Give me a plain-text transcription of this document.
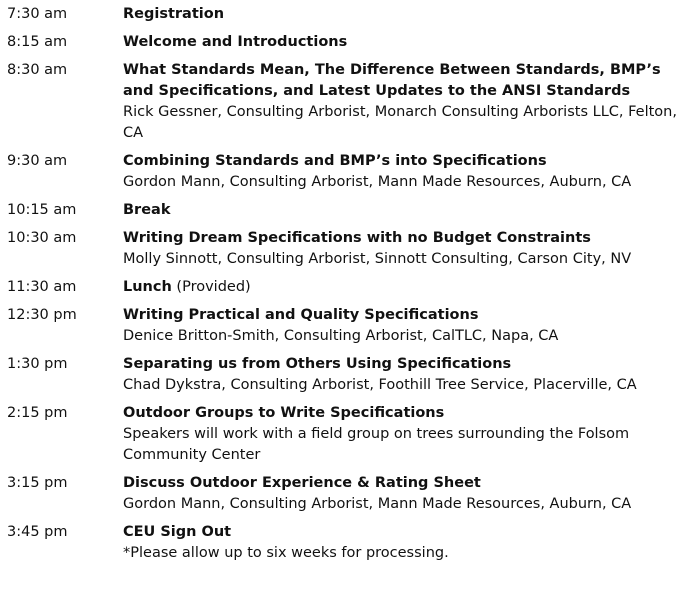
7:30 am	Registration
8:15 am	Welcome and Introductions
8:30 am	What Standards Mean, The Difference Between Standards, BMP’s and Specifications, and Latest Updates to the ANSI Standards
Rick Gessner, Consulting Arborist, Monarch Consulting Arborists LLC, Felton, CA
9:30 am	Combining Standards and BMP’s into Specifications
Gordon Mann, Consulting Arborist, Mann Made Resources, Auburn, CA
10:15 am	Break
10:30 am	Writing Dream Specifications with no Budget Constraints
Molly Sinnott, Consulting Arborist, Sinnott Consulting, Carson City, NV
11:30 am	Lunch (Provided)
12:30 pm	Writing Practical and Quality Specifications
Denice Britton-Smith, Consulting Arborist, CalTLC, Napa, CA
1:30 pm	Separating us from Others Using Specifications
Chad Dykstra, Consulting Arborist, Foothill Tree Service, Placerville, CA
2:15 pm	Outdoor Groups to Write Specifications
Speakers will work with a field group on trees surrounding the Folsom Community Center
3:15 pm	Discuss Outdoor Experience & Rating Sheet
Gordon Mann, Consulting Arborist, Mann Made Resources, Auburn, CA
3:45 pm	CEU Sign Out
*Please allow up to six weeks for processing.
